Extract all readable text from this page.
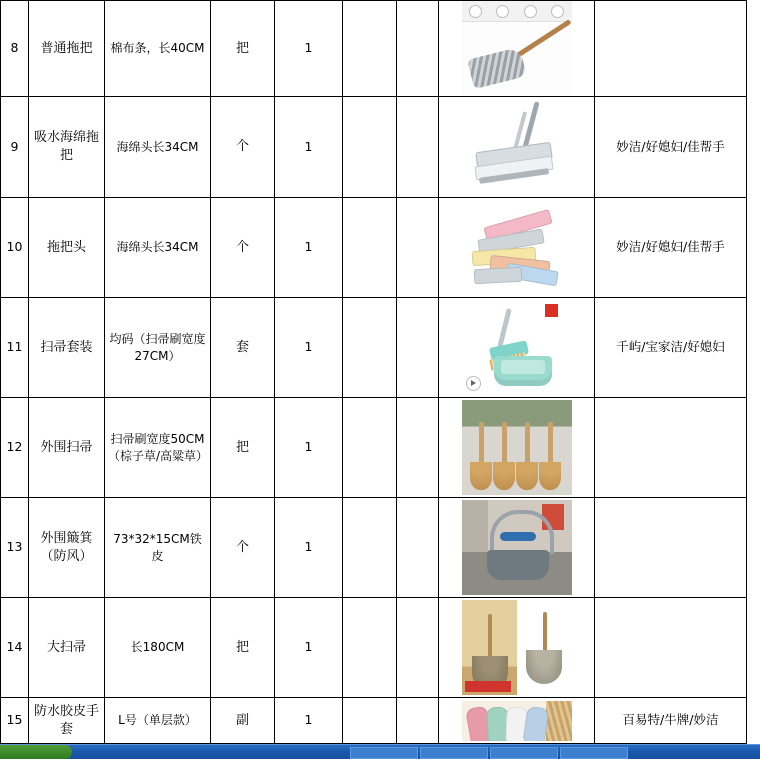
8	普通拖把	棉布条，长40CM	把	1				

9	吸水海绵拖把	海绵头长34CM	个	1				妙洁/好媳妇/佳帮手

10	拖把头	海绵头长34CM	个	1				妙洁/好媳妇/佳帮手

11	扫帚套装	均码（扫帚刷宽度27CM）	套	1				千屿/宝家洁/好媳妇

12	外围扫帚	扫帚刷宽度50CM（棕子草/高粱草）	把	1				

13	外围簸箕（防风）	73*32*15CM铁皮	个	1				

14	大扫帚	长180CM	把	1				

15	防水胶皮手套	L号（单层款）	副	1				百易特/牛牌/妙洁
